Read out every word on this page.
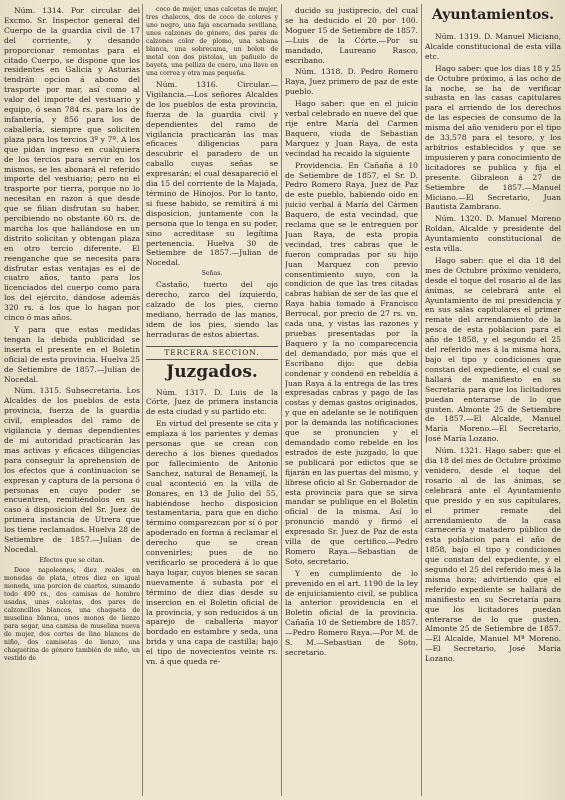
Núm. 1314. Por circular del Excmo. Sr. Inspector general del Cuerpo de la guardia civil de 17 del corriente, y desando proporcionar remontas para el citado Cuerpo, se dispone que los residentes en Galicia y Asturias tendrán opcion á abono del trasporte por mar, así como al valor del importe del vestuario y equipo, ó sean 784 rs. para los de infantería, y 856 para los de caballería, siempre que soliciten plaza para los tercios 3º y 7º. A los que pidan ingreso en cualquiera de los tercios para servir en los mismos, se les abonará el referido importe del vestuario; pero no el trasporte por tierra, porque no lo necesitan en razon á que desde que se filian disfrutan su haber, percibiendo no obstante 60 rs. de marcha los que hallándose en un distrito solicitan y obtengan plaza en otro tercio diferente. El reenganche que se necesita para disfrutar estas ventajas es el de cuatro años, tanto para los licenciados del cuerpo como para los del ejército, dándose además 320 rs. á los que lo hagan por cinco ó mas años.

Y para que estas medidas tengan la debida publicidad se inserta el presente en el Boletin oficial de esta provincia. Huelva 25 de Setiembre de 1857.—Julian de Nocedal.

Núm. 1315. Subsecretaria. Los Alcaldes de los pueblos de esta provincia, fuerza de la guardia civil, empleados del ramo de vigilancia y demas dependientes de mi autoridad practicarán las mas activas y eficaces diligencias para conseguir la aprehension de los efectos que á continuacion se expresan y captura de la persona ó personas en cuyo poder se encuentren, remitiéndolos en su caso á disposicion del Sr. Juez de primera instancia de Utrera que los tiene reclamados. Huelva 28 de Setiembre de 1857.—Julian de Nocedal.

Efectos que se citan.

Doce napoleones, diez reales en monedas de plata, otros diez en igual moneda, una porcion de cuartos, sumando todo 490 rs., dos camisas de hombre usadas, unas calcetas, dos pares de calzoncillos blancos, una chaqueta de muselina blanca, unos monos de lienzo para segar, una camisa de muselina nueva de mujer, dos cortes de lino blancos de niño, dos camisetas de lienzo, una chaquetina de género también de niño, un vestido de

coco de mujer, unas calcetas de mujer, tres chalecos, dos de coco de colores y uno negro, una faja encarnada sevillana, unos calzones de género, dos pares de calzones color de plomo, una sábana blanca, una sobrecama, un bolon de metal con dos pistolas, un pañuelo de bayeta, una pelliza de cuero, una llave en una correa y otra mas pequeña.

Núm. 1316. Circular.—Vigilancia.—Los señores Alcaldes de los pueblos de esta provincia, fuerza de la guardia civil y dependientes del ramo de vigilancia practicarán las mas eficaces diligencias para descubrir el paradero de un caballo cuyas señas se expresarán; el cual desapareció el dia 15 del corriente de la Majada, término de Hinojos. Por lo tanto, si fuese habido, se remitirá á mi disposicion, juntamente con la persona que lo tenga en su poder, sino acreditase su legítima pertenencia. Huelva 30 de Setiembre de 1857.—Julian de Nocedal.

Señas.

Castaño, tuerto del ojo derecho, zarco del izquierdo, calzado de los pies, cierno mediano, herrado de las manos, idem de los pies, siendo las herraduras de estos abiertas.

TERCERA SECCION.
Juzgados.

Núm. 1317. D. Luis de la Córte, Juez de primera instancia de esta ciudad y su partido etc.

En virtud del presente se cita y emplaza á los parientes y demas personas que se crean con derecho á los bienes quedados por fallecimiento de Antonio Sanchez, natural de Benamejí, la cual aconteció en la villa de Bonares, en 13 de Julio del 55, habiéndose hecho disposicion testamentaria, para que en dicho término comparezcan por sí ó por apoderado en forma á reclamar el derecho que se crean convenirles; pues de no verificarlo se procederá á lo que haya lugar, cuyos bienes se sacan nuevamente á subasta por el término de diez dias desde su insercion en el Boletin oficial de la provincia, y son reducidos á un aparejo de caballería mayor bordado en estambre y seda, una brida y una capa de castilla; bajo el tipo de novecientos veinte rs. vn. á que queda re-

ducido su justiprecio, del cual se ha deducido el 20 por 100. Moguer 15 de Setiembre de 1857.—Luis de la Córte.—Por su mandado, Laureano Rasco, escribano.

Núm. 1318. D. Pedro Romero Raya, Juez primero de paz de este pueblo.

Hago saber: que en el juicio verbal celebrado en nueve del que rije entre María del Carmen Baquero, viuda de Sebastian Marquez y Juan Raya, de esta vecindad ha recaido la siguiente

Providencia. En Cañaña á 10 de Setiembre de 1857, el Sr. D. Pedro Romero Raya, Juez de Paz de este pueblo, habiendo oido en juicio verbal á María del Cármen Baquero, de esta vecindad, que reclama que se le entreguen por Juan Raya, de esta propia vecindad, tres cabras que le fueron compradas por su hijo Juan Marquez con previo consentimiento suyo, con la condicion de que las tres citadas cabras habian de ser de las que el Raya habia tomado á Francisco Berrocal, por precio de 27 rs. vn. cada una, y vistas las razones y pruebas presentadas por la Baquero y la no comparecencia del demandado, por más que el Escribano dijo: que debia condenar y condenó en rebeldía á Juan Raya á la entrega de las tres expresadas cabras y pago de las costas y demas gastos originados, y que en adelante se le notifiquen por la demanda las notificaciones que se pronuncien y el demandado como rebelde en los estrados de este juzgado, lo que se publicará por edictos que se fijarán en las puertas del mismo, y librese oficio al Sr. Gobernador de esta provincia para que se sirva mandar se publique en el Boletin oficial de la misma. Así lo pronunció mandó y firmó el expresado Sr. Juez de Paz de esta villa de que certifico.—Pedro Romero Raya.—Sebastian de Soto, secretario.

Y en cumplimiento de lo prevenido en el art. 1190 de la ley de enjuiciamiento civil, se publica la anterior providencia en el Boletin oficial de la provincia. Cañaña 10 de Setiembre de 1857.—Pedro Romero Raya.—Por M. de S. M.—Sebastian de Soto, secretario.

Ayuntamientos.

Núm. 1319. D. Manuel Miciano, Alcalde constitucional de esta villa etc.

Hago saber: que los dias 18 y 25 de Octubre próximo, á las ocho de la noche, se ha de verificar subasta en las casas capitulares para el arriendo de los derechos de las especies de consumo de la misma del año venidero por el tipo de 33,578 para el tesoro, y los arbitrios establecidos y que se impusieren y para conocimiento de licitadores se publica y fija el presente. Gibraleon á 27 de Setiembre de 1857.—Manuel Miciano.—El Secretario, Juan Bautista Zambrano.

Núm. 1320. D. Manuel Moreno Roldan, Alcalde y presidente del Ayuntamiento constitucional de esta villa.

Hago saber: que el dia 18 del mes de Octubre próximo venidero, desde el toque del rosario al de las ánimas, se celebrará ante el Ayuntamiento de mi presidencia y en sus salas capitulares el primer remate del arrendamiento de la pesca de esta poblacion para el año de 1858, y el segundo el 25 del referido mes á la misma hora, bajo el tipo y condiciones que constan del expediente, el cual se hallará de manifiesto en su Secretaría para que los licitadores puedan enterarse de lo que gusten. Almonte 25 de Setiembre de 1857.—El Alcalde, Manuel María Moreno.—El Secretario, José María Lozano.

Núm. 1321. Hago saber: que el dia 18 del mes de Octubre próximo venidero, desde el toque del rosario al de las ánimas, se celebrará ante el Ayuntamiento que presido y en sus capitulares, el primer remate del arrendamiento de la casa carnecería y matadero público de esta poblacion para el año de 1858, bajo el tipo y condiciones que constan del expediente, y el segundo el 25 del referido mes á la misma hora; advirtiendo que el referido expediente se hallará de manifiesto en su Secretaría para que los licitadores puedan enterarse de lo que gusten. Almonte 25 de Setiembre de 1857.—El Alcalde, Manuel Mª Moreno.—El Secretario, José María Lozano.
